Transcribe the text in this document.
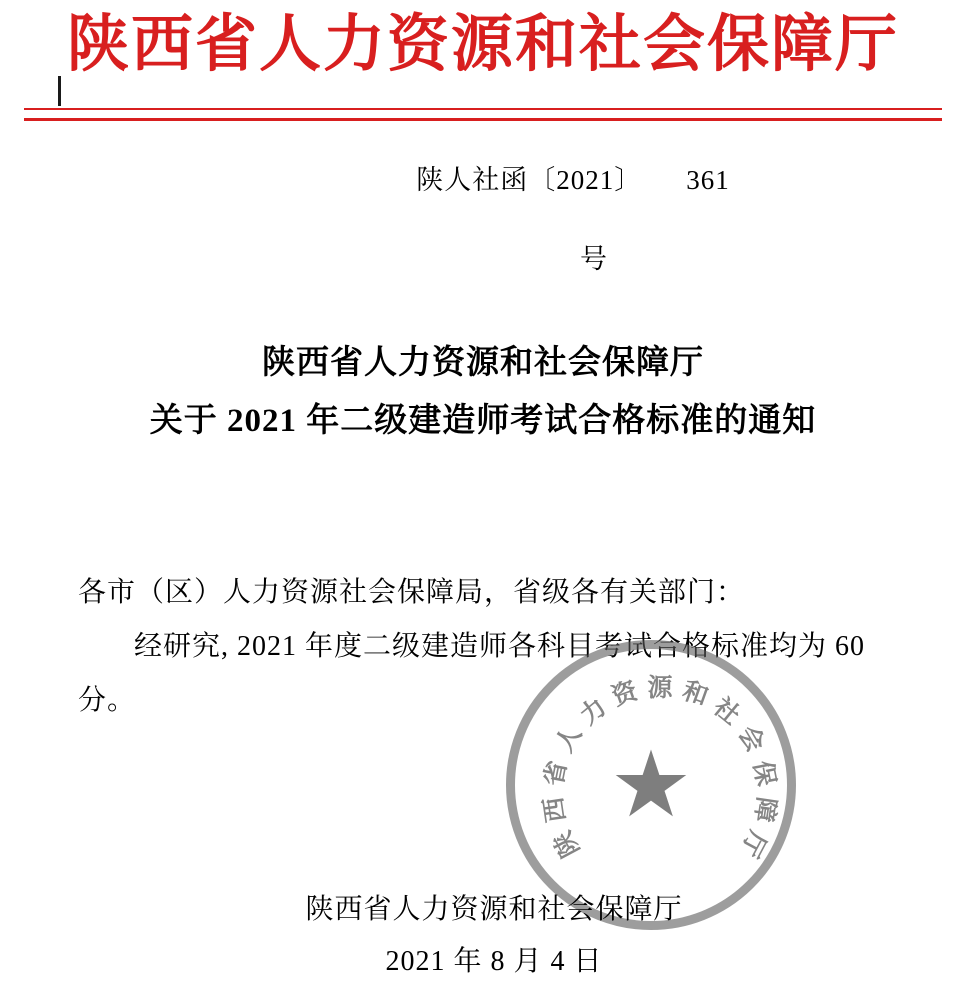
陕西省人力资源和社会保障厅
陕人社函〔2021〕 361
号
陕西省人力资源和社会保障厅
关于 2021 年二级建造师考试合格标准的通知
各市（区）人力资源社会保障局，省级各有关部门：
经研究, 2021 年度二级建造师各科目考试合格标准均为 60 分。
陕
西
省
人
力
资 源 和
社
会
保
障
厅
★
陕西省人力资源和社会保障厅
2021 年 8 月 4 日
